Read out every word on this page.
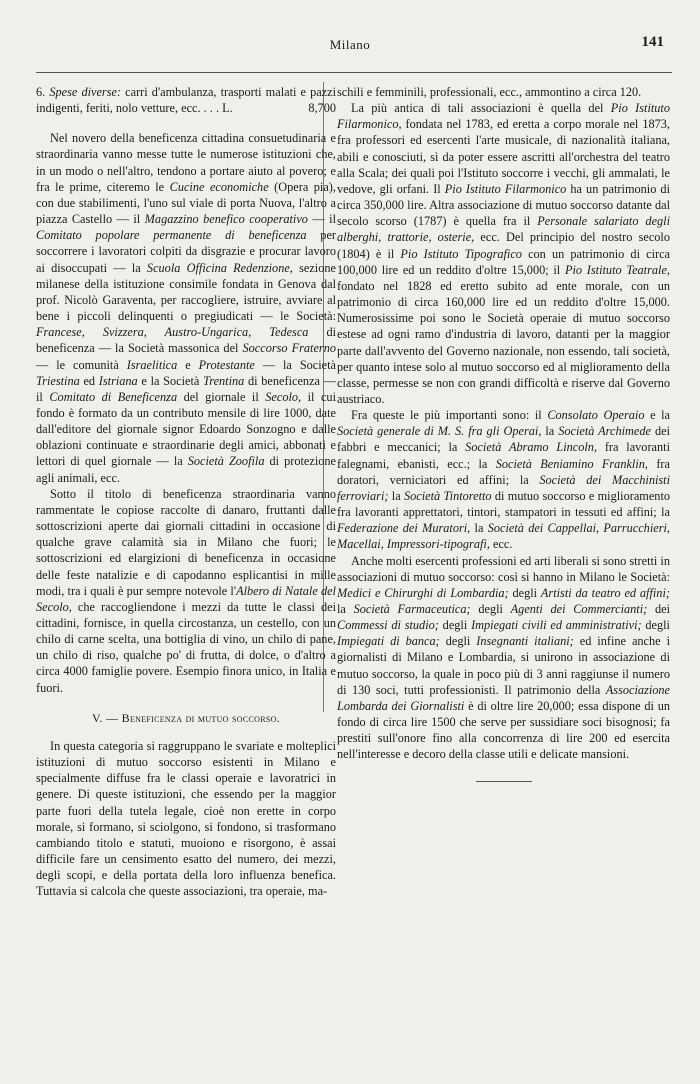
Milano	141

6. Spese diverse: carri d'ambulanza, trasporti malati e pazzi indigenti, feriti, nolo vetture, ecc. . . . L.	8,700

Nel novero della beneficenza cittadina consuetudinaria e straordinaria vanno messe tutte le numerose istituzioni che, in un modo o nell'altro, tendono a portare aiuto al povero; e fra le prime, citeremo le Cucine economiche (Opera pia), con due stabilimenti, l'uno sul viale di porta Nuova, l'altro a piazza Castello — il Magazzino benefico cooperativo — il Comitato popolare permanente di beneficenza per soccorrere i lavoratori colpiti da disgrazie e procurar lavoro ai disoccupati — la Scuola Officina Redenzione, sezione milanese della istituzione consimile fondata in Genova dal prof. Nicolò Garaventa, per raccogliere, istruire, avviare al bene i piccoli delinquenti o pregiudicati — le Società: Francese, Svizzera, Austro-Ungarica, Tedesca di beneficenza — la Società massonica del Soccorso Fraterno — le comunità Israelitica e Protestante — la Società Triestina ed Istriana e la Società Trentina di beneficenza — il Comitato di Beneficenza del giornale il Secolo, il cui fondo è formato da un contributo mensile di lire 1000, date dall'editore del giornale signor Edoardo Sonzogno e dalle oblazioni continuate e straordinarie degli amici, abbonati e lettori di quel giornale — la Società Zoofila di protezione agli animali, ecc.

Sotto il titolo di beneficenza straordinaria vanno rammentate le copiose raccolte di danaro, fruttanti dalle sottoscrizioni aperte dai giornali cittadini in occasione di qualche grave calamità sia in Milano che fuori; le sottoscrizioni ed elargizioni di beneficenza in occasione delle feste natalizie e di capodanno esplicantisi in mille modi, tra i quali è pur sempre notevole l'Albero di Natale del Secolo, che raccogliendone i mezzi da tutte le classi dei cittadini, fornisce, in quella circostanza, un cestello, con un chilo di carne scelta, una bottiglia di vino, un chilo di pane, un chilo di riso, qualche po' di frutta, di dolce, o d'altro a circa 4000 famiglie povere. Esempio finora unico, in Italia e fuori.

V. — Beneficenza di mutuo soccorso.

In questa categoria si raggruppano le svariate e molteplici istituzioni di mutuo soccorso esistenti in Milano e specialmente diffuse fra le classi operaie e lavoratrici in genere. Di queste istituzioni, che essendo per la maggior parte fuori della tutela legale, cioè non erette in corpo morale, si formano, si sciolgono, si fondono, si trasformano cambiando titolo e statuti, muoiono e risorgono, è assai difficile fare un censimento esatto del numero, dei mezzi, degli scopi, e della portata della loro influenza benefica. Tuttavia si calcola che queste associazioni, tra operaie, ma-

schili e femminili, professionali, ecc., ammontino a circa 120.

La più antica di tali associazioni è quella del Pio Istituto Filarmonico, fondata nel 1783, ed eretta a corpo morale nel 1873, fra professori ed esercenti l'arte musicale, di nazionalità italiana, abili e conosciuti, sì da poter essere ascritti all'orchestra del teatro alla Scala; dei quali poi l'Istituto soccorre i vecchi, gli ammalati, le vedove, gli orfani. Il Pio Istituto Filarmonico ha un patrimonio di circa 350,000 lire. Altra associazione di mutuo soccorso datante dal secolo scorso (1787) è quella fra il Personale salariato degli alberghi, trattorie, osterie, ecc. Del principio del nostro secolo (1804) è il Pio Istituto Tipografico con un patrimonio di circa 100,000 lire ed un reddito d'oltre 15,000; il Pio Istituto Teatrale, fondato nel 1828 ed eretto subito ad ente morale, con un patrimonio di circa 160,000 lire ed un reddito d'oltre 15,000. Numerosissime poi sono le Società operaie di mutuo soccorso estese ad ogni ramo d'industria di lavoro, datanti per la maggior parte dall'avvento del Governo nazionale, non essendo, tali società, per quanto intese solo al mutuo soccorso ed al miglioramento della classe, permesse se non con grandi difficoltà e riserve dal Governo austriaco.

Fra queste le più importanti sono: il Consolato Operaio e la Società generale di M. S. fra gli Operai, la Società Archimede dei fabbri e meccanici; la Società Abramo Lincoln, fra lavoranti falegnami, ebanisti, ecc.; la Società Beniamino Franklin, fra doratori, verniciatori ed affini; la Società dei Macchinisti ferroviari; la Società Tintoretto di mutuo soccorso e miglioramento fra lavoranti apprettatori, tintori, stampatori in tessuti ed affini; la Federazione dei Muratori, la Società dei Cappellai, Parrucchieri, Macellai, Impressori-tipografi, ecc.

Anche molti esercenti professioni ed arti liberali si sono stretti in associazioni di mutuo soccorso: così si hanno in Milano le Società: Medici e Chirurghi di Lombardia; degli Artisti da teatro ed affini; la Società Farmaceutica; degli Agenti dei Commercianti; dei Commessi di studio; degli Impiegati civili ed amministrativi; degli Impiegati di banca; degli Insegnanti italiani; ed infine anche i giornalisti di Milano e Lombardia, si unirono in associazione di mutuo soccorso, la quale in poco più di 3 anni raggiunse il numero di 130 soci, tutti professionisti. Il patrimonio della Associazione Lombarda dei Giornalisti è di oltre lire 20,000; essa dispone di un fondo di circa lire 1500 che serve per sussidiare soci bisognosi; fa prestiti sull'onore fino alla concorrenza di lire 200 ed esercita nell'interesse e decoro della classe utili e delicate mansioni.
